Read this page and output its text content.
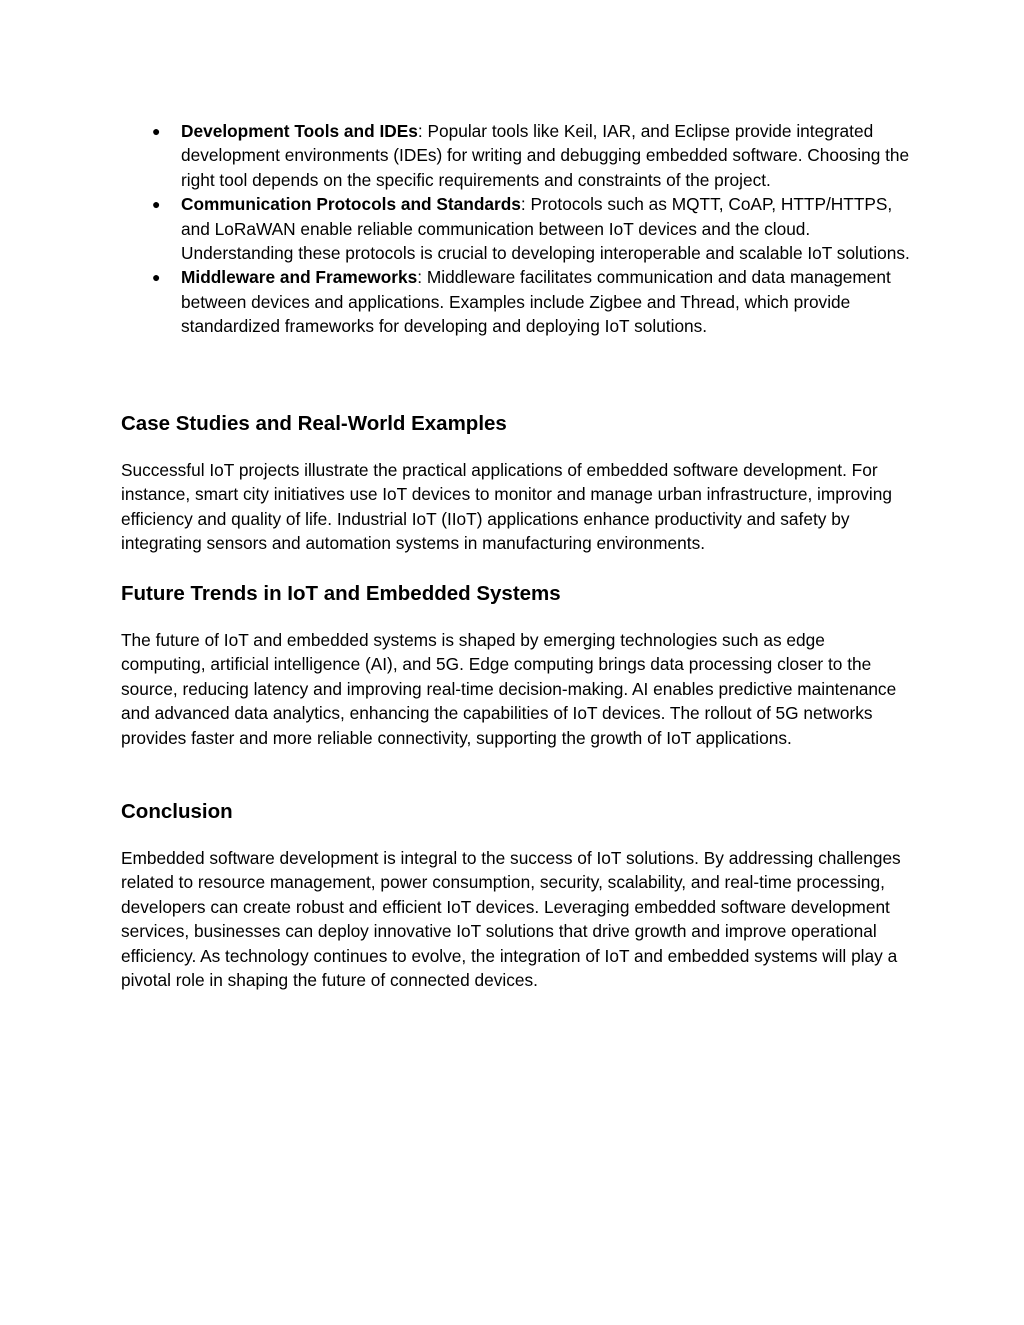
● Development Tools and IDEs: Popular tools like Keil, IAR, and Eclipse provide integrated development environments (IDEs) for writing and debugging embedded software. Choosing the right tool depends on the specific requirements and constraints of the project.
● Communication Protocols and Standards: Protocols such as MQTT, CoAP, HTTP/HTTPS, and LoRaWAN enable reliable communication between IoT devices and the cloud. Understanding these protocols is crucial to developing interoperable and scalable IoT solutions.
● Middleware and Frameworks: Middleware facilitates communication and data management between devices and applications. Examples include Zigbee and Thread, which provide standardized frameworks for developing and deploying IoT solutions.
Case Studies and Real-World Examples

Successful IoT projects illustrate the practical applications of embedded software development. For instance, smart city initiatives use IoT devices to monitor and manage urban infrastructure, improving efficiency and quality of life. Industrial IoT (IIoT) applications enhance productivity and safety by integrating sensors and automation systems in manufacturing environments.

Future Trends in IoT and Embedded Systems

The future of IoT and embedded systems is shaped by emerging technologies such as edge computing, artificial intelligence (AI), and 5G. Edge computing brings data processing closer to the source, reducing latency and improving real-time decision-making. AI enables predictive maintenance and advanced data analytics, enhancing the capabilities of IoT devices. The rollout of 5G networks provides faster and more reliable connectivity, supporting the growth of IoT applications.

Conclusion

Embedded software development is integral to the success of IoT solutions. By addressing challenges related to resource management, power consumption, security, scalability, and real-time processing, developers can create robust and efficient IoT devices. Leveraging embedded software development services, businesses can deploy innovative IoT solutions that drive growth and improve operational efficiency. As technology continues to evolve, the integration of IoT and embedded systems will play a pivotal role in shaping the future of connected devices.
